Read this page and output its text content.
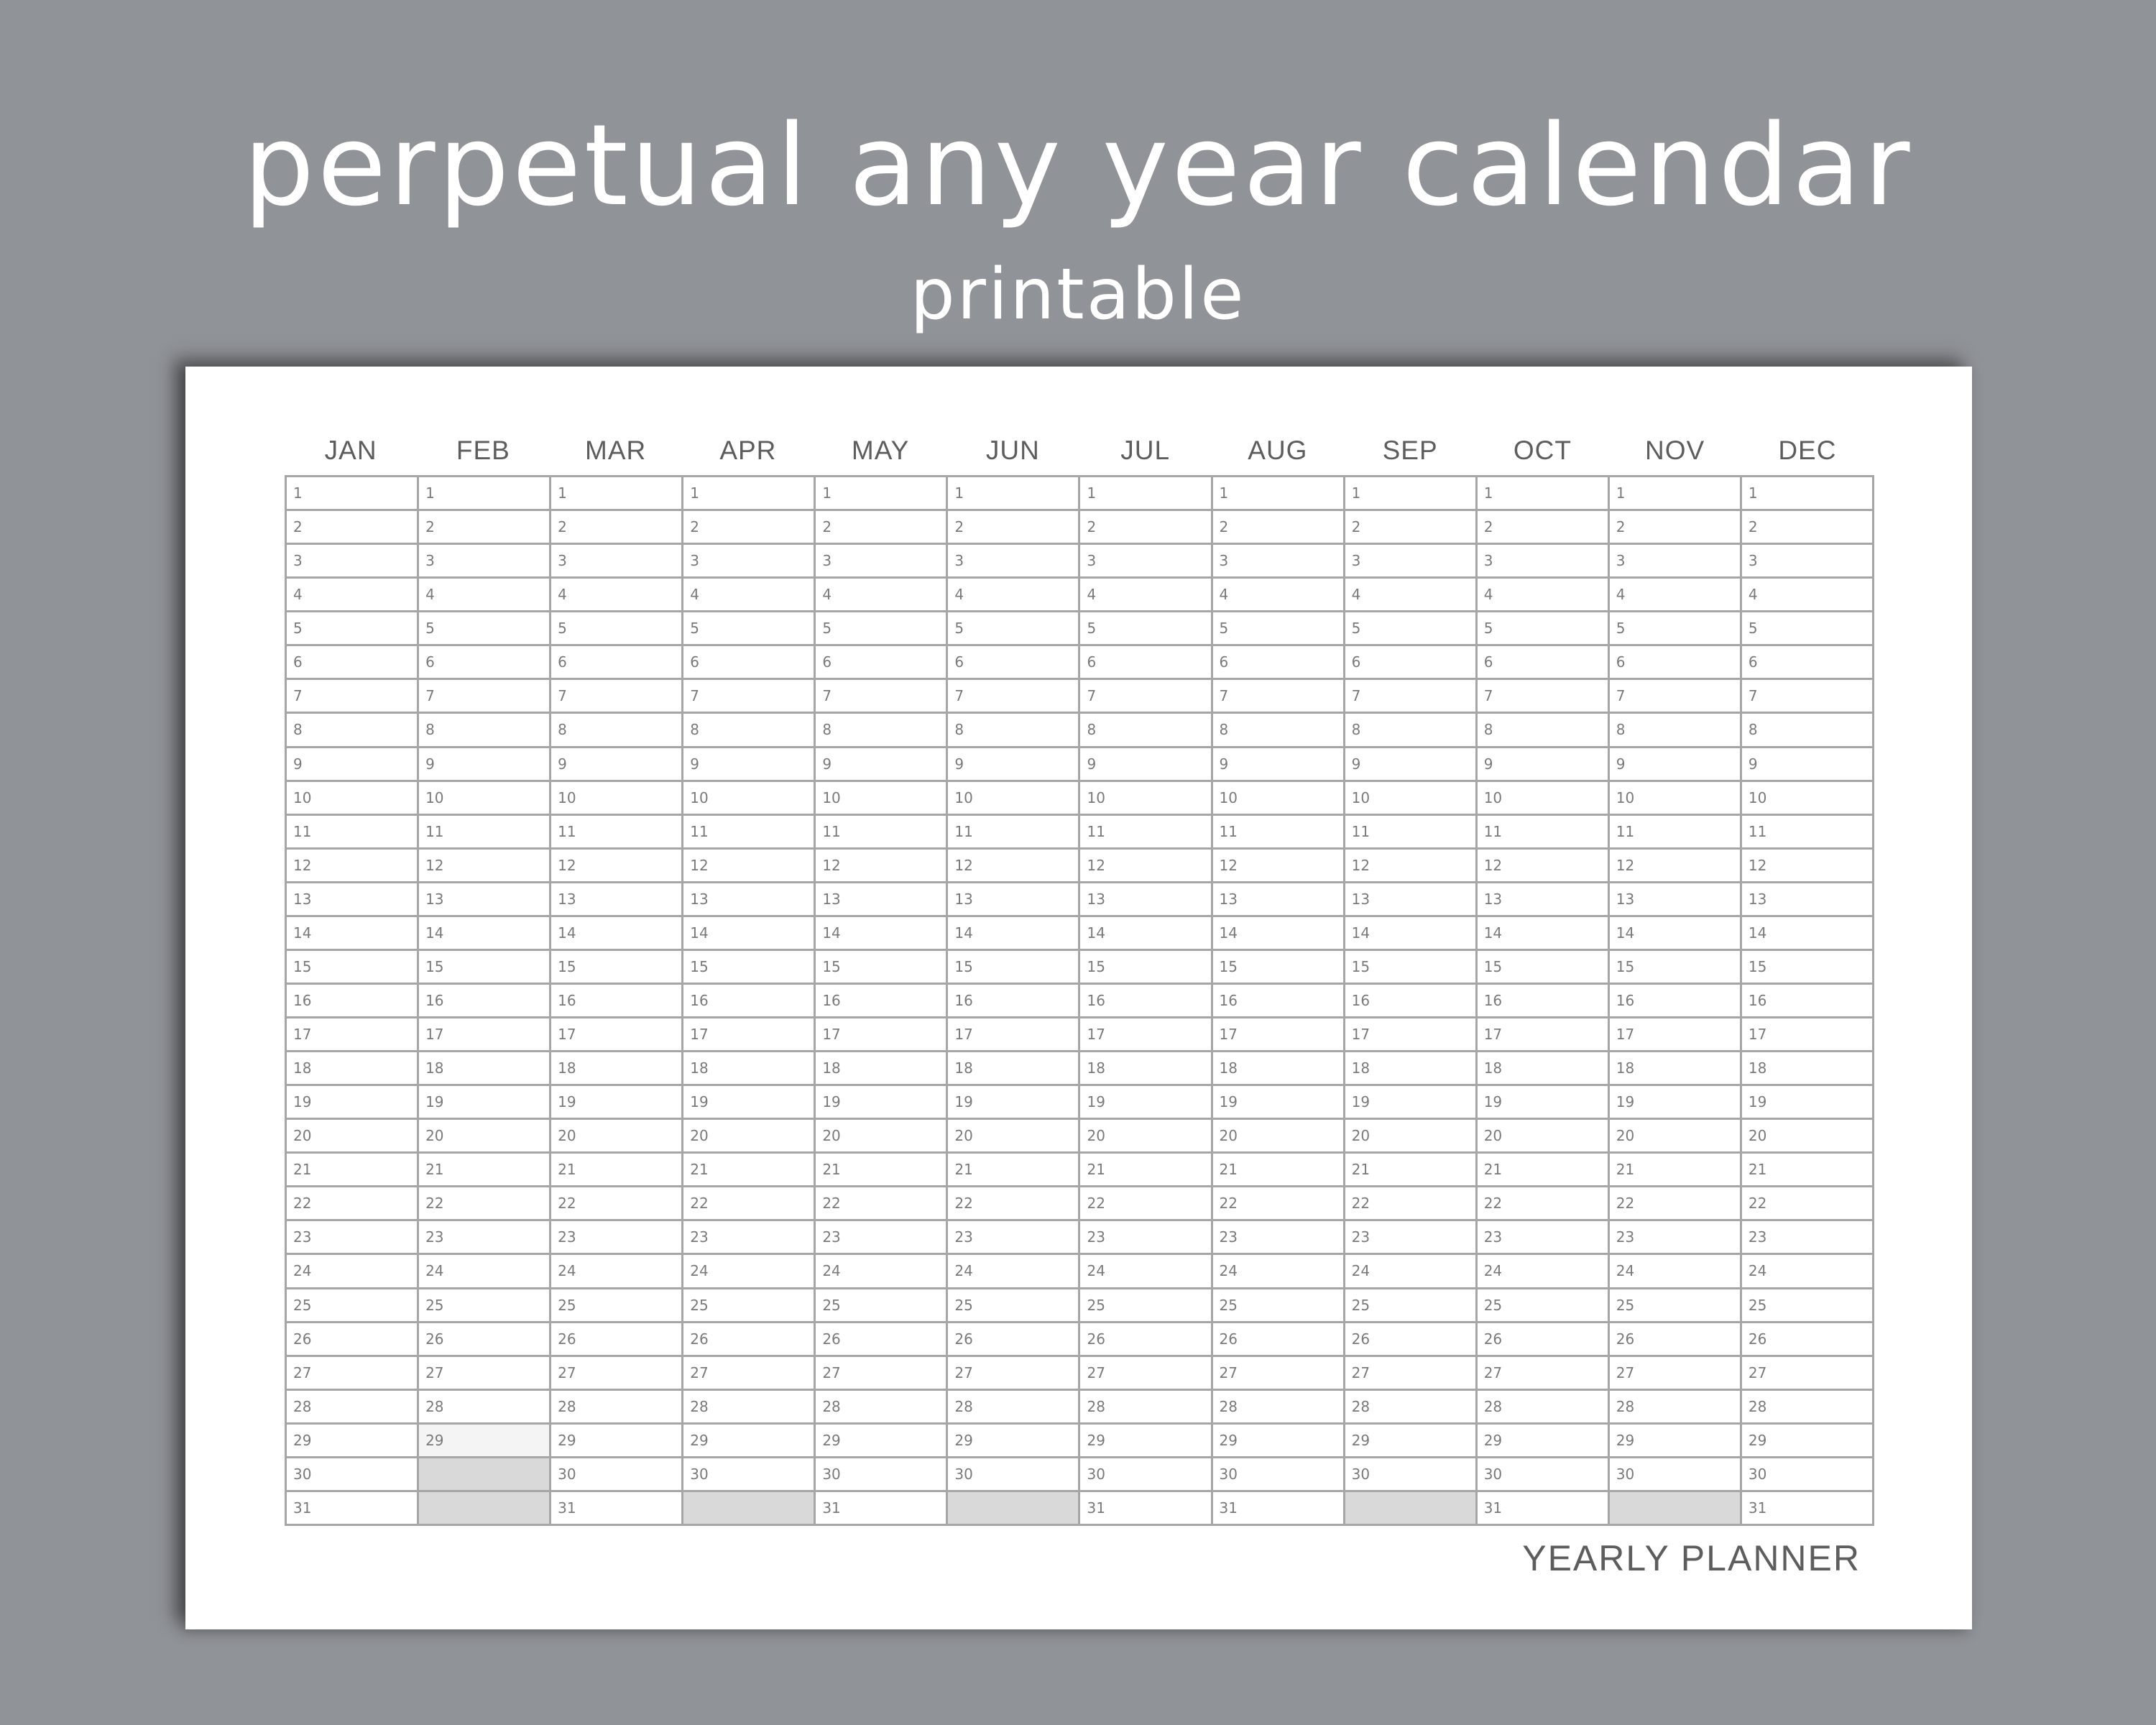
perpetual any year calendar
printable
JAN	FEB	MAR	APR	MAY	JUN	JUL	AUG	SEP	OCT	NOV	DEC
1	1	1	1	1	1	1	1	1	1	1	1
2	2	2	2	2	2	2	2	2	2	2	2
3	3	3	3	3	3	3	3	3	3	3	3
4	4	4	4	4	4	4	4	4	4	4	4
5	5	5	5	5	5	5	5	5	5	5	5
6	6	6	6	6	6	6	6	6	6	6	6
7	7	7	7	7	7	7	7	7	7	7	7
8	8	8	8	8	8	8	8	8	8	8	8
9	9	9	9	9	9	9	9	9	9	9	9
10	10	10	10	10	10	10	10	10	10	10	10
11	11	11	11	11	11	11	11	11	11	11	11
12	12	12	12	12	12	12	12	12	12	12	12
13	13	13	13	13	13	13	13	13	13	13	13
14	14	14	14	14	14	14	14	14	14	14	14
15	15	15	15	15	15	15	15	15	15	15	15
16	16	16	16	16	16	16	16	16	16	16	16
17	17	17	17	17	17	17	17	17	17	17	17
18	18	18	18	18	18	18	18	18	18	18	18
19	19	19	19	19	19	19	19	19	19	19	19
20	20	20	20	20	20	20	20	20	20	20	20
21	21	21	21	21	21	21	21	21	21	21	21
22	22	22	22	22	22	22	22	22	22	22	22
23	23	23	23	23	23	23	23	23	23	23	23
24	24	24	24	24	24	24	24	24	24	24	24
25	25	25	25	25	25	25	25	25	25	25	25
26	26	26	26	26	26	26	26	26	26	26	26
27	27	27	27	27	27	27	27	27	27	27	27
28	28	28	28	28	28	28	28	28	28	28	28
29	29	29	29	29	29	29	29	29	29	29	29
30		30	30	30	30	30	30	30	30	30	30
31		31		31		31	31		31		31
YEARLY PLANNER
